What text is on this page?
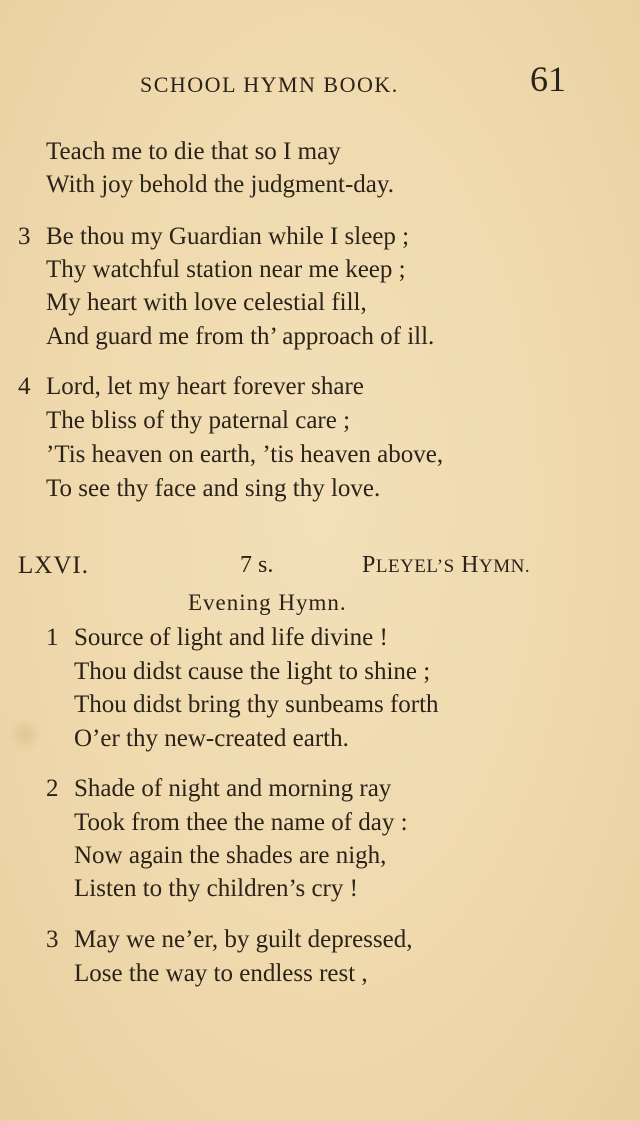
SCHOOL HYMN BOOK.	61
Teach me to die that so I may
With joy behold the judgment-day.
3 Be thou my Guardian while I sleep ;
Thy watchful station near me keep ;
My heart with love celestial fill,
And guard me from th’ approach of ill.
4 Lord, let my heart forever share
The bliss of thy paternal care ;
’Tis heaven on earth, ’tis heaven above,
To see thy face and sing thy love.
LXVI.	7 s.	PLEYEL’S HYMN.
Evening Hymn.
1 Source of light and life divine !
Thou didst cause the light to shine ;
Thou didst bring thy sunbeams forth
O’er thy new-created earth.
2 Shade of night and morning ray
Took from thee the name of day :
Now again the shades are nigh,
Listen to thy children’s cry !
3 May we ne’er, by guilt depressed,
Lose the way to endless rest ,
